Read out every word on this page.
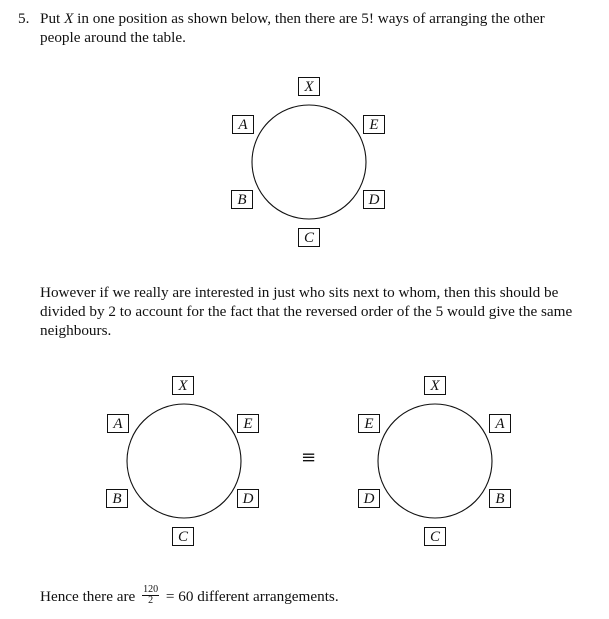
5. Put X in one position as shown below, then there are 5! ways of arranging the other
people around the table.

X
A	E
B	D
C

However if we really are interested in just who sits next to whom, then this should be divided by 2 to account for the fact that the reversed order of the 5 would give the same neighbours.

X
A	E
B	D
C
≡
X
E	A
D	B
C

Hence there are $\frac{120}{2} = 60$ different arrangements.
